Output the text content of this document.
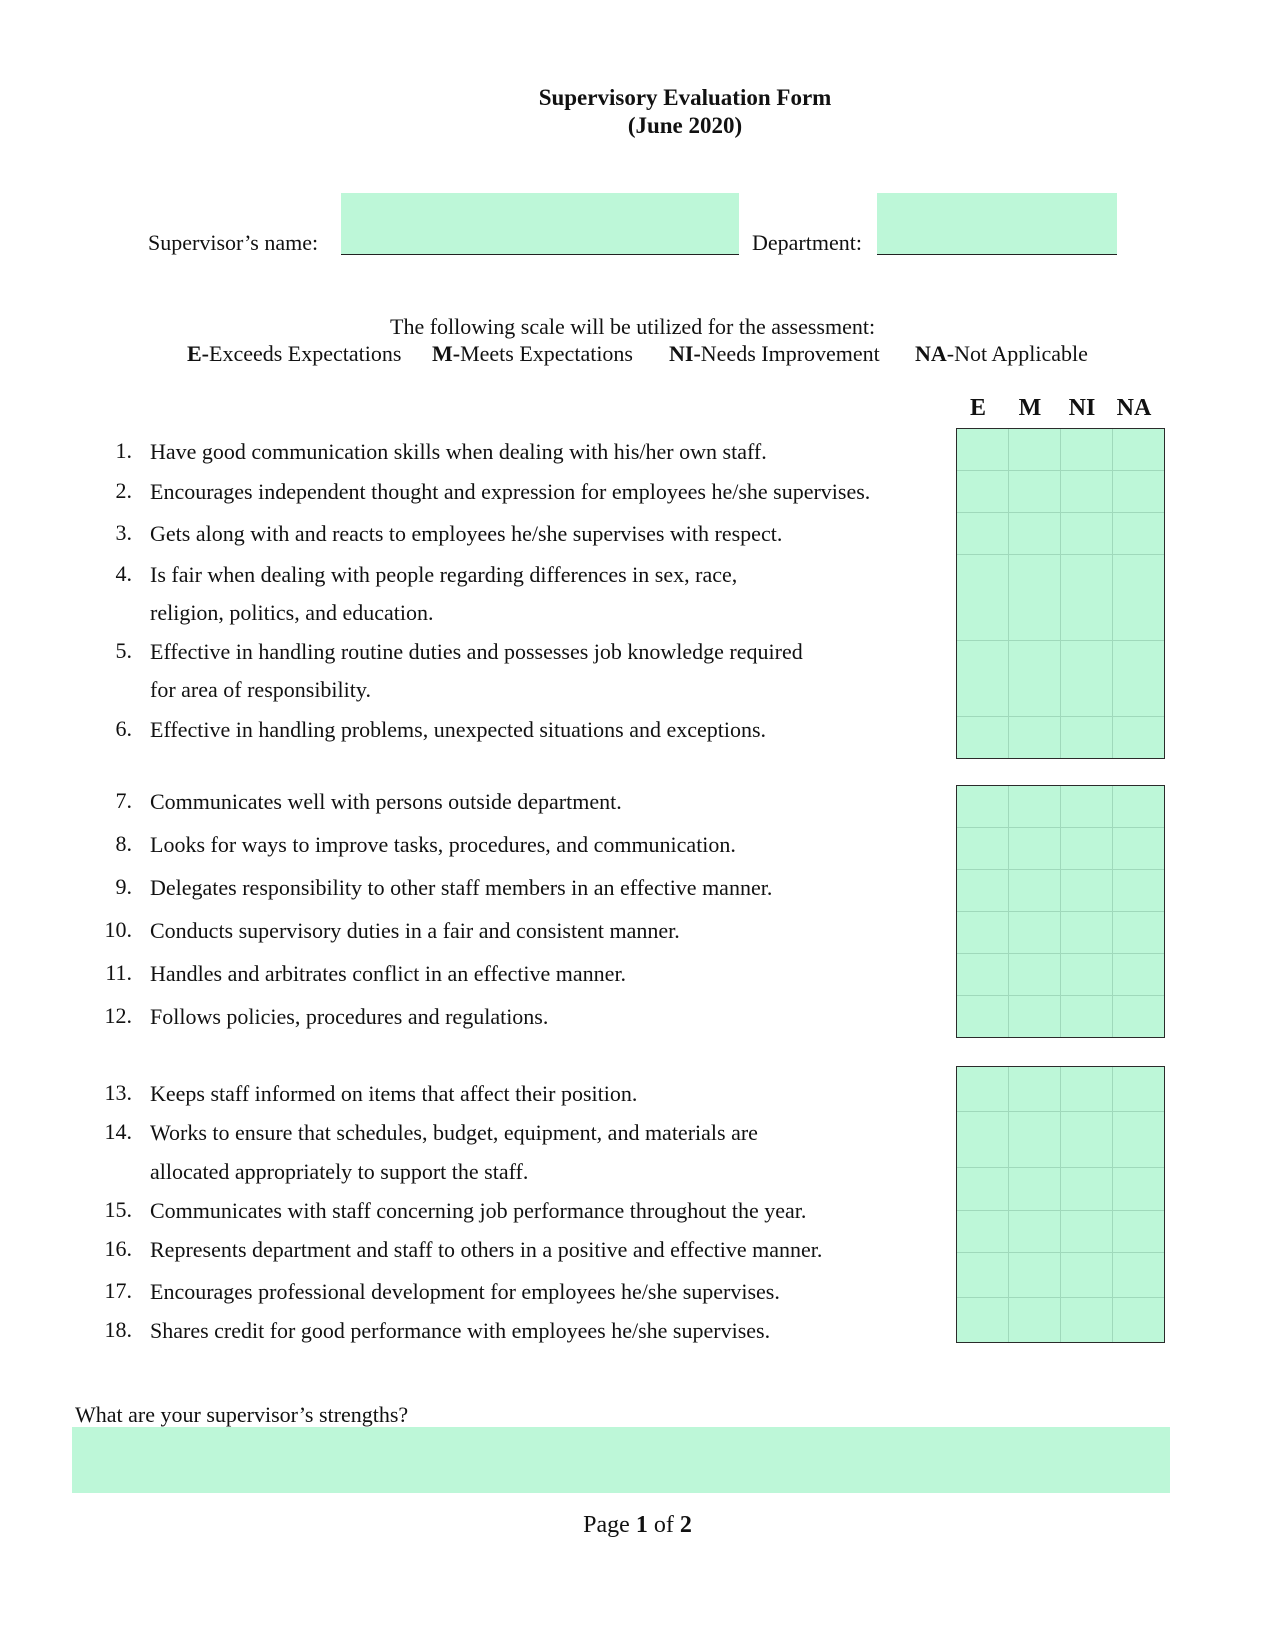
Supervisory Evaluation Form
(June 2020)
Supervisor’s name:	Department:
The following scale will be utilized for the assessment:
E-Exceeds Expectations M-Meets Expectations NI-Needs Improvement NA-Not Applicable
E	M	NI NA
1. Have good communication skills when dealing with his/her own staff.
2. Encourages independent thought and expression for employees he/she supervises.
3. Gets along with and reacts to employees he/she supervises with respect.
4. Is fair when dealing with people regarding differences in sex, race,
religion, politics, and education.
5. Effective in handling routine duties and possesses job knowledge required
for area of responsibility.
6. Effective in handling problems, unexpected situations and exceptions.
7. Communicates well with persons outside department.
8. Looks for ways to improve tasks, procedures, and communication.
9. Delegates responsibility to other staff members in an effective manner.
10. Conducts supervisory duties in a fair and consistent manner.
11. Handles and arbitrates conflict in an effective manner.
12. Follows policies, procedures and regulations.
13. Keeps staff informed on items that affect their position.
14. Works to ensure that schedules, budget, equipment, and materials are
allocated appropriately to support the staff.
15. Communicates with staff concerning job performance throughout the year.
16. Represents department and staff to others in a positive and effective manner.
17. Encourages professional development for employees he/she supervises.
18. Shares credit for good performance with employees he/she supervises.
What are your supervisor’s strengths?
Page 1 of 2
